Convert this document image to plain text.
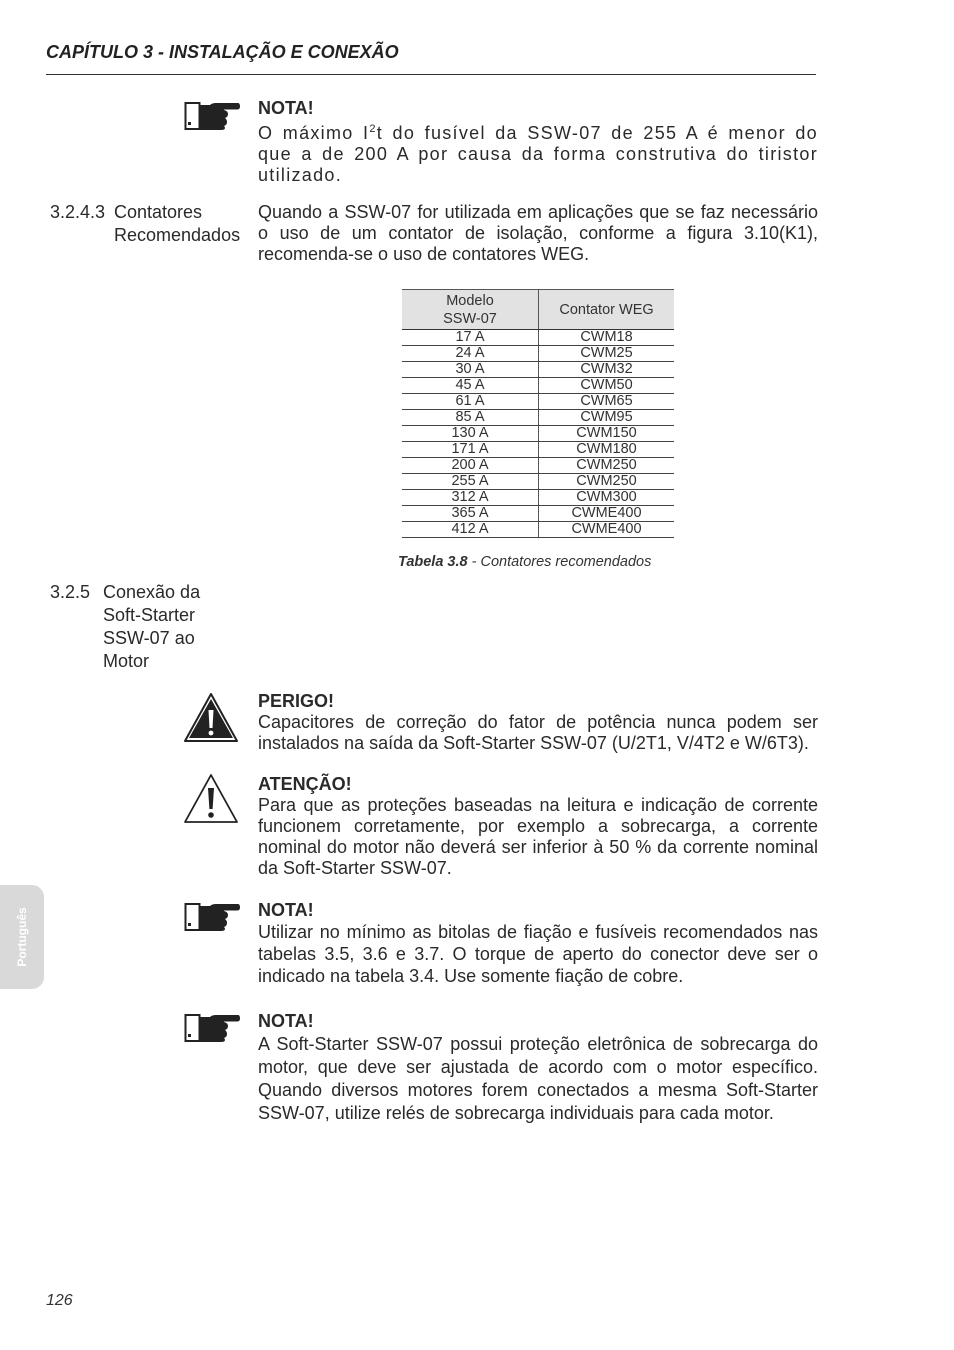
CAPÍTULO 3 - INSTALAÇÃO E CONEXÃO
NOTA!
O máximo $I^2t$ do fusível da SSW-07 de 255 A é menor do que a de 200 A por causa da forma construtiva do tiristor utilizado.
3.2.4.3 Contatores
Recomendados
Quando a SSW-07 for utilizada em aplicações que se faz necessário o uso de um contator de isolação, conforme a figura 3.10(K1), recomenda-se o uso de contatores WEG.
Modelo
SSW-07	Contator WEG
17 A	CWM18
24 A	CWM25
30 A	CWM32
45 A	CWM50
61 A	CWM65
85 A	CWM95
130 A	CWM150
171 A	CWM180
200 A	CWM250
255 A	CWM250
312 A	CWM300
365 A	CWME400
412 A	CWME400
Tabela 3.8 - Contatores recomendados
3.2.5 Conexão da
Soft-Starter
SSW-07 ao
Motor
PERIGO!
Capacitores de correção do fator de potência nunca podem ser instalados na saída da Soft-Starter SSW-07 (U/2T1, V/4T2 e W/6T3).
ATENÇÃO!
Para que as proteções baseadas na leitura e indicação de corrente funcionem corretamente, por exemplo a sobrecarga, a corrente nominal do motor não deverá ser inferior à 50 % da corrente nominal da Soft-Starter SSW-07.
NOTA!
Utilizar no mínimo as bitolas de fiação e fusíveis recomendados nas tabelas 3.5, 3.6 e 3.7. O torque de aperto do conector deve ser o indicado na tabela 3.4. Use somente fiação de cobre.
NOTA!
A Soft-Starter SSW-07 possui proteção eletrônica de sobrecarga do motor, que deve ser ajustada de acordo com o motor específico. Quando diversos motores forem conectados a mesma Soft-Starter SSW-07, utilize relés de sobrecarga individuais para cada motor.
Português
126
